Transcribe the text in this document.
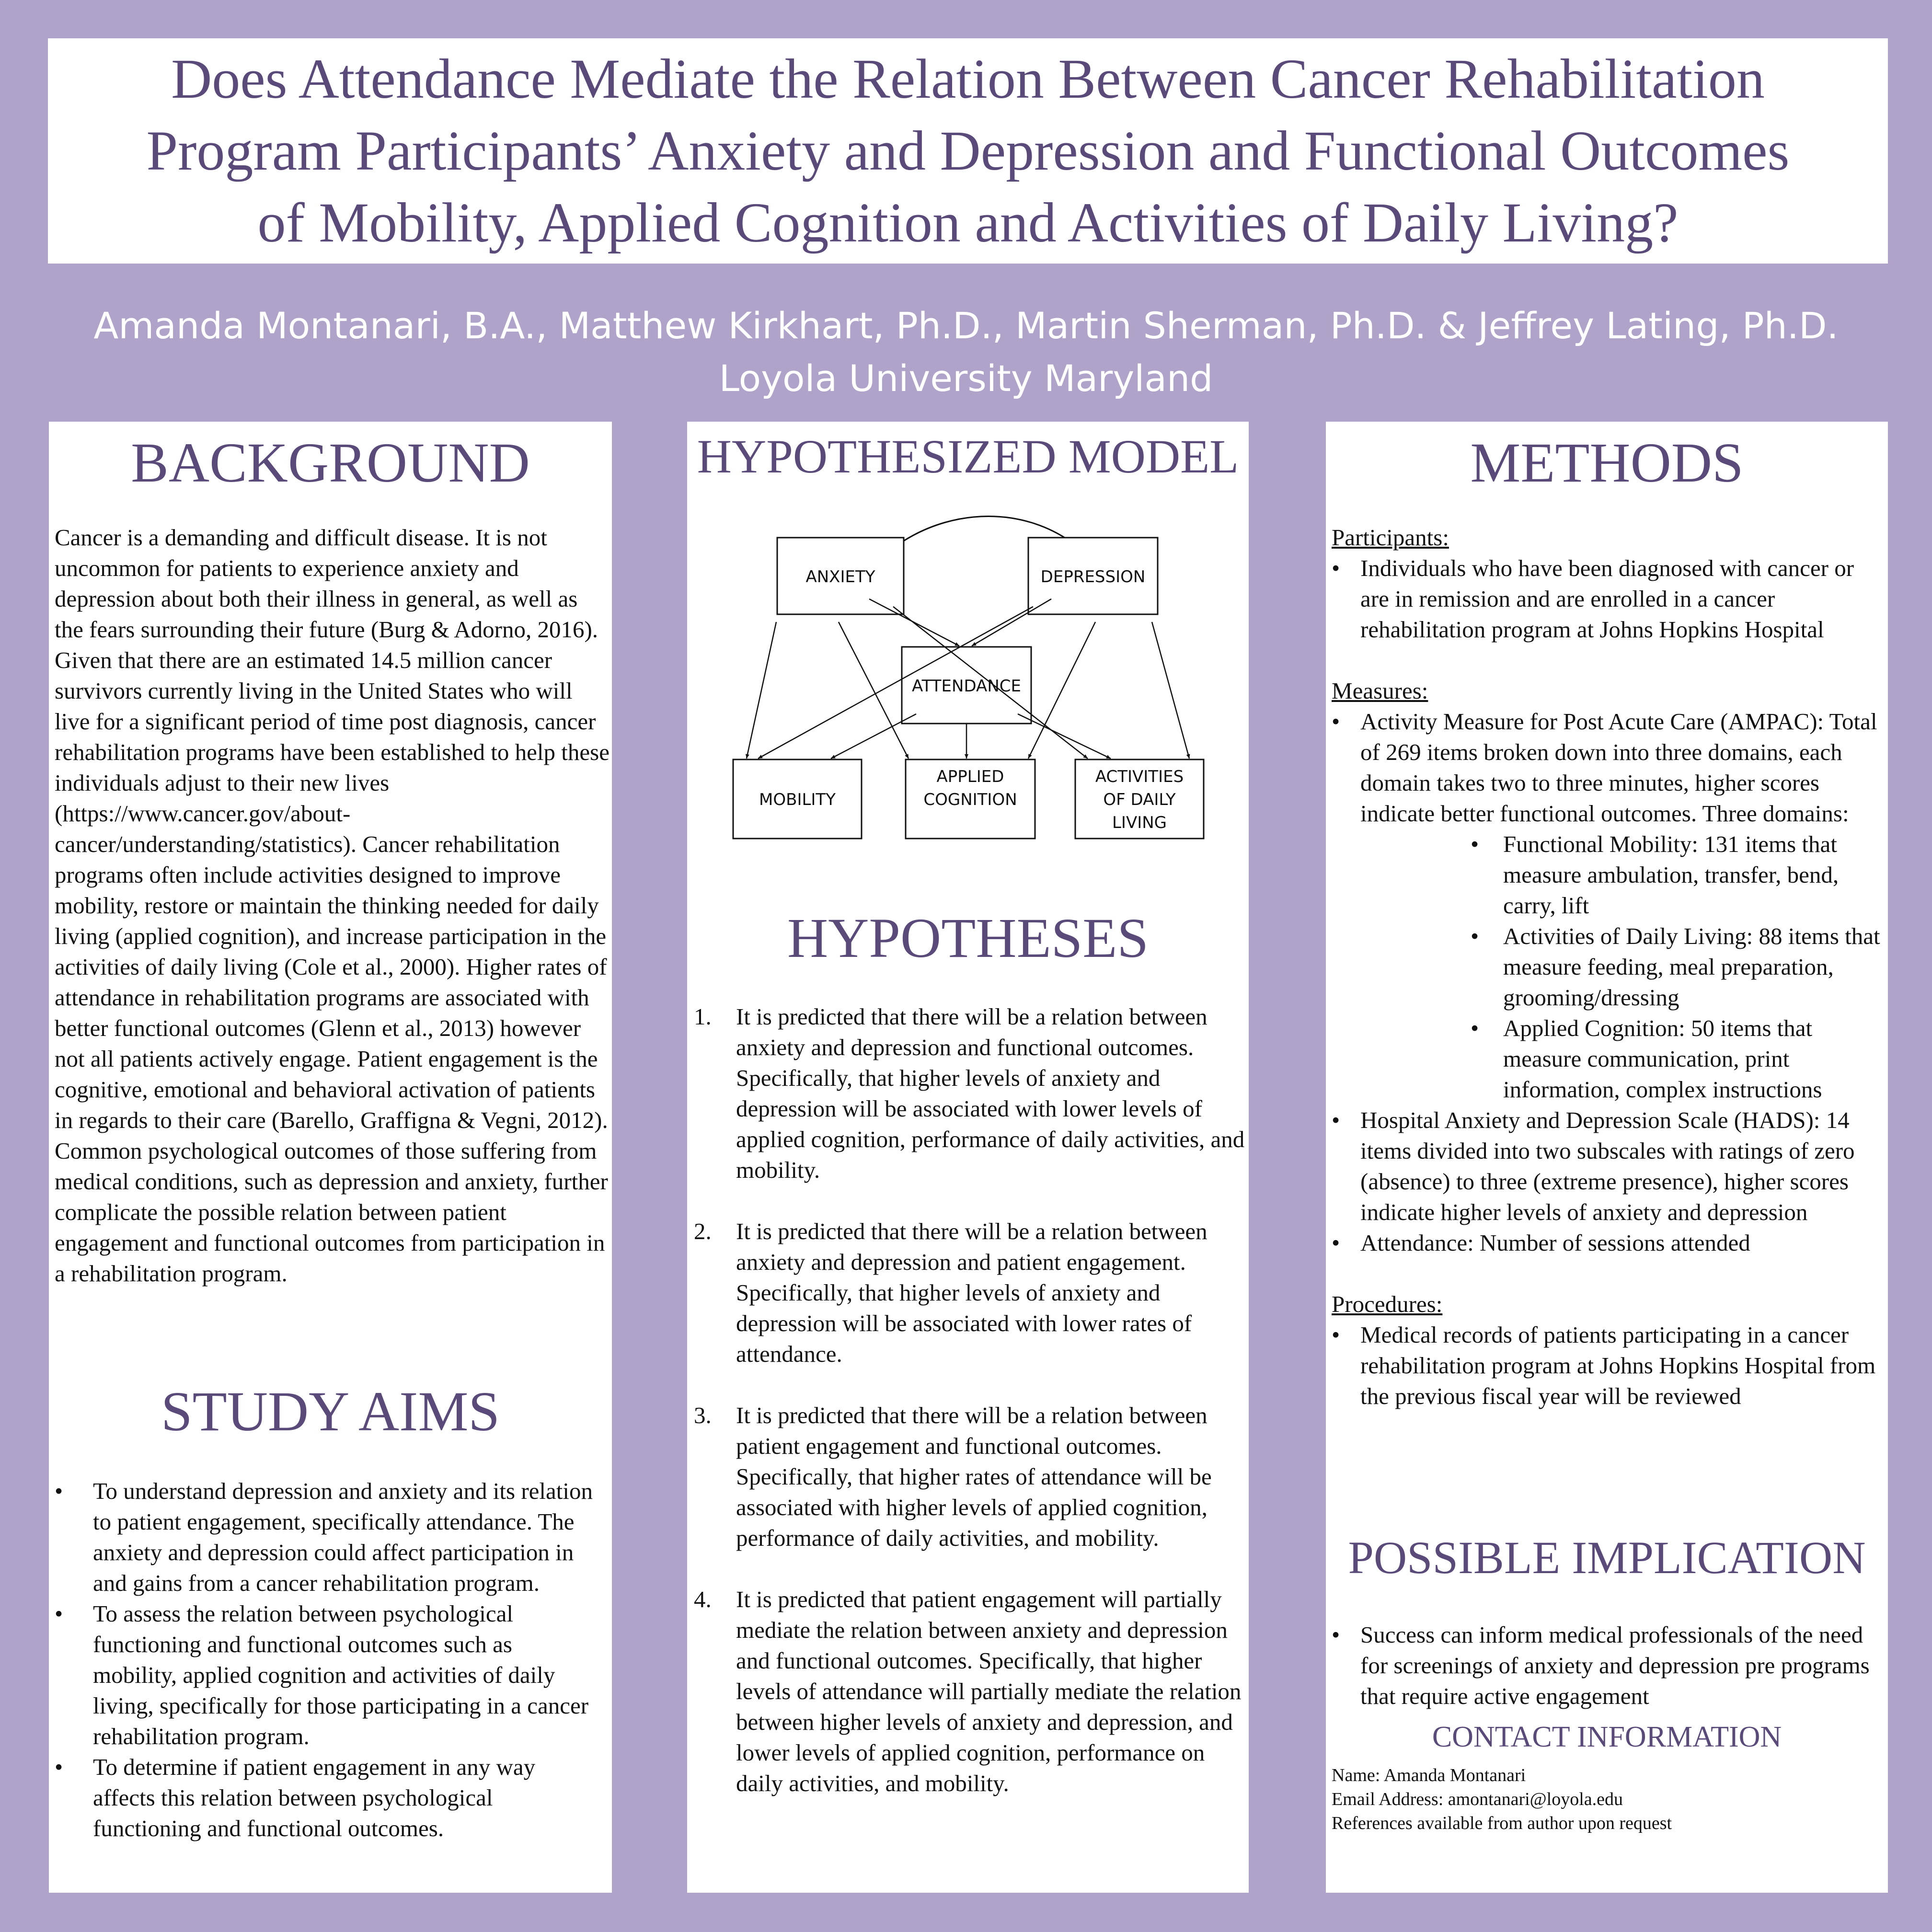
Does Attendance Mediate the Relation Between Cancer Rehabilitation
Program Participants’ Anxiety and Depression and Functional Outcomes
of Mobility, Applied Cognition and Activities of Daily Living?
Amanda Montanari, B.A., Matthew Kirkhart, Ph.D., Martin Sherman, Ph.D. & Jeffrey Lating, Ph.D.
Loyola University Maryland
BACKGROUND

Cancer is a demanding and difficult disease. It is not uncommon for patients to experience anxiety and depression about both their illness in general, as well as the fears surrounding their future (Burg & Adorno, 2016). Given that there are an estimated 14.5 million cancer survivors currently living in the United States who will live for a significant period of time post diagnosis, cancer rehabilitation programs have been established to help these individuals adjust to their new lives (https://www.cancer.gov/about-cancer/understanding/statistics). Cancer rehabilitation programs often include activities designed to improve mobility, restore or maintain the thinking needed for daily living (applied cognition), and increase participation in the activities of daily living (Cole et al., 2000). Higher rates of attendance in rehabilitation programs are associated with better functional outcomes (Glenn et al., 2013) however not all patients actively engage. Patient engagement is the cognitive, emotional and behavioral activation of patients in regards to their care (Barello, Graffigna & Vegni, 2012). Common psychological outcomes of those suffering from medical conditions, such as depression and anxiety, further complicate the possible relation between patient engagement and functional outcomes from participation in a rehabilitation program.

STUDY AIMS
• To understand depression and anxiety and its relation to patient engagement, specifically attendance. The anxiety and depression could affect participation in and gains from a cancer rehabilitation program.
• To assess the relation between psychological functioning and functional outcomes such as mobility, applied cognition and activities of daily living, specifically for those participating in a cancer rehabilitation program.
• To determine if patient engagement in any way affects this relation between psychological functioning and functional outcomes.
HYPOTHESIZED MODEL
ANXIETY	DEPRESSION
ATTENDANCE
MOBILITY
APPLIED
COGNITION
ACTIVITIES
OF DAILY
LIVING
HYPOTHESES
1. It is predicted that there will be a relation between anxiety and depression and functional outcomes. Specifically, that higher levels of anxiety and depression will be associated with lower levels of applied cognition, performance of daily activities, and mobility.
2. It is predicted that there will be a relation between anxiety and depression and patient engagement. Specifically, that higher levels of anxiety and depression will be associated with lower rates of attendance.
3. It is predicted that there will be a relation between patient engagement and functional outcomes. Specifically, that higher rates of attendance will be associated with higher levels of applied cognition, performance of daily activities, and mobility.
4. It is predicted that patient engagement will partially mediate the relation between anxiety and depression and functional outcomes. Specifically, that higher levels of attendance will partially mediate the relation between higher levels of anxiety and depression, and lower levels of applied cognition, performance on daily activities, and mobility.
METHODS
Participants:
• Individuals who have been diagnosed with cancer or are in remission and are enrolled in a cancer rehabilitation program at Johns Hopkins Hospital
Measures:
• Activity Measure for Post Acute Care (AMPAC): Total of 269 items broken down into three domains, each domain takes two to three minutes, higher scores indicate better functional outcomes. Three domains:
• Functional Mobility: 131 items that measure ambulation, transfer, bend, carry, lift
• Activities of Daily Living: 88 items that measure feeding, meal preparation, grooming/dressing
• Applied Cognition: 50 items that measure communication, print information, complex instructions
• Hospital Anxiety and Depression Scale (HADS): 14 items divided into two subscales with ratings of zero (absence) to three (extreme presence), higher scores indicate higher levels of anxiety and depression
• Attendance: Number of sessions attended
Procedures:
• Medical records of patients participating in a cancer rehabilitation program at Johns Hopkins Hospital from the previous fiscal year will be reviewed
POSSIBLE IMPLICATION
• Success can inform medical professionals of the need for screenings of anxiety and depression pre programs that require active engagement
CONTACT INFORMATION
Name: Amanda Montanari
Email Address: amontanari@loyola.edu
References available from author upon request
